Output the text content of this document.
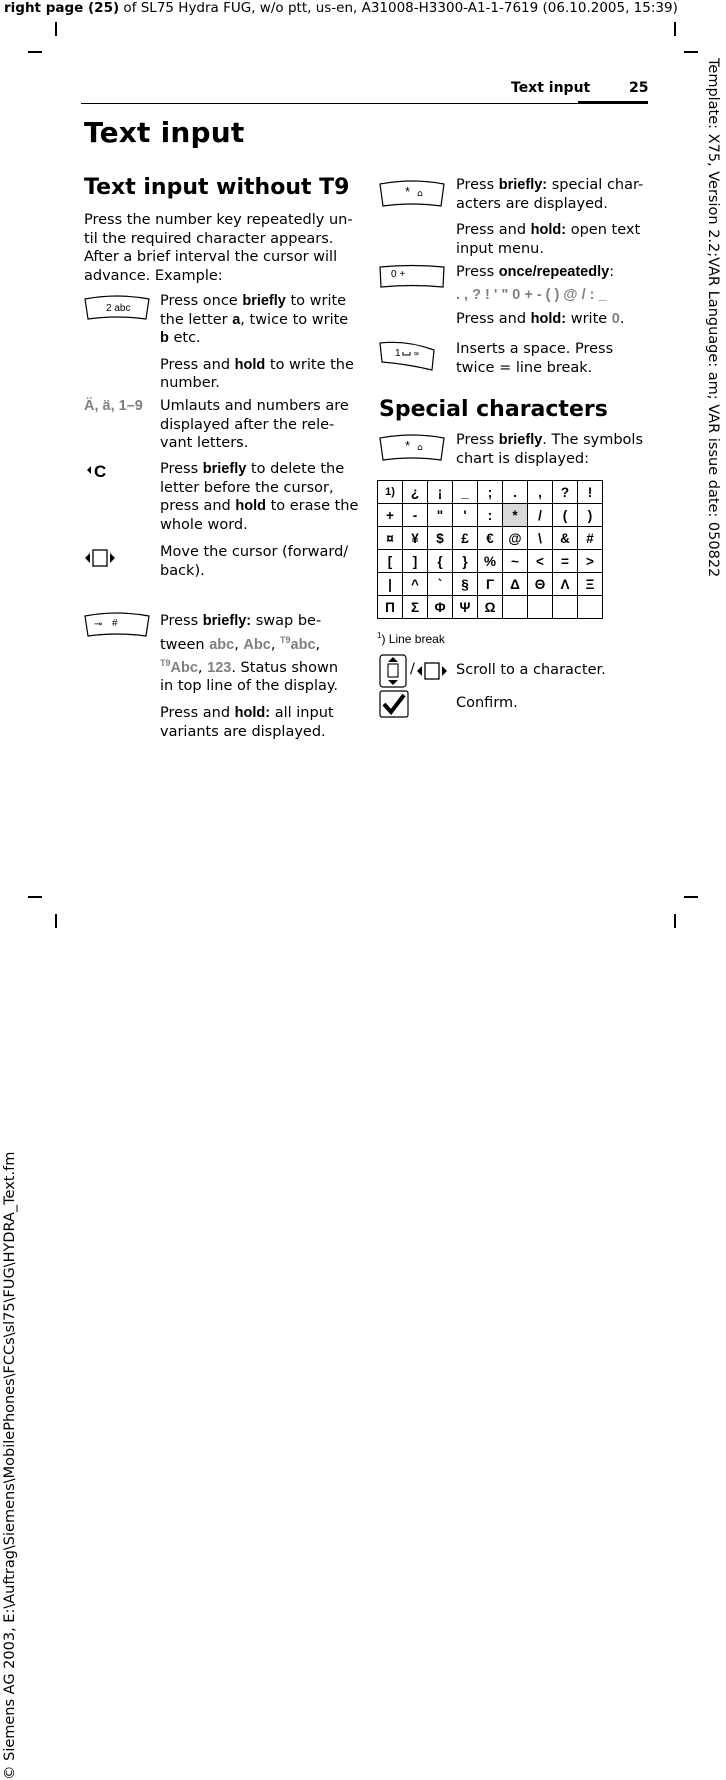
right page (25) of SL75 Hydra FUG, w/o ptt, us-en, A31008-H3300-A1-1-7619 (06.10.2005, 15:39)
Template: X75, Version 2.2;VAR Language: am; VAR issue date: 050822
© Siemens AG 2003, E:\Auftrag\Siemens\MobilePhones\FCCs\sl75\FUG\HYDRA_Text.fm
Text input	25
Text input
Text input without T9
Press the number key repeatedly un-
til the required character appears.
After a brief interval the cursor will
advance. Example:
2 abc Press once briefly to write
the letter a, twice to write
b etc.
Press and hold to write the
number.
Ä, ä, 1–9 Umlauts and numbers are
displayed after the rele-
vant letters.
C	Press briefly to delete the
letter before the cursor,
press and hold to erase the
whole word.
Move the cursor (forward/
back).
⊸ #	Press briefly: swap be-
tween abc, Abc, $^{T9}$abc,
$^{T9}$Abc, 123. Status shown
in top line of the display.
Press and hold: all input
variants are displayed.
* ⌂
Press briefly: special char-
acters are displayed.
Press and hold: open text
input menu.
0 +	Press once/repeatedly:
. , ? ! ' " 0 + - ( ) @ / : _
Press and hold: write 0.
1 ∞	Inserts a space. Press
twice = line break.
Special characters
* ⌂ Press briefly. The symbols
chart is displayed:
1)	¿	¡	_	;	.	,	?	!
+	-	"	'	:	*	/	(	)
¤	¥	$	£	€	@	\	&	#
[	]	{	}	%	~	<	=	>
|	^	`	§	Γ	Δ	Θ	Λ	Ξ
Π	Σ	Φ	Ψ	Ω				
$^1$) Line break
/	Scroll to a character.
Confirm.
